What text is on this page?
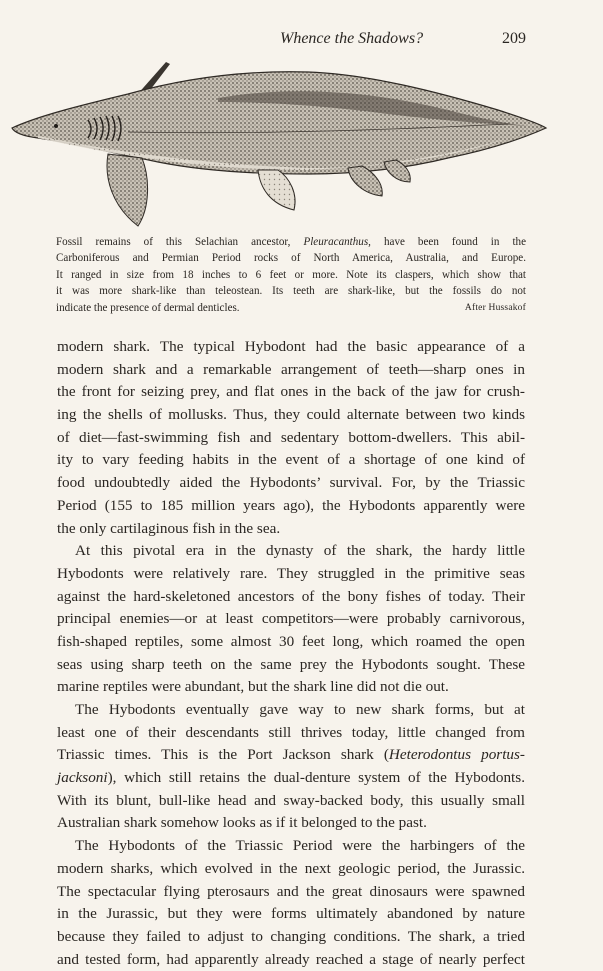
Whence the Shadows?	209
Fossil remains of this Selachian ancestor, Pleuracanthus, have been found in the
Carboniferous and Permian Period rocks of North America, Australia, and Europe.
It ranged in size from 18 inches to 6 feet or more. Note its claspers, which show that
it was more shark-like than teleostean. Its teeth are shark-like, but the fossils do not
indicate the presence of dermal denticles.	After Hussakof
modern shark. The typical Hybodont had the basic appearance of a
modern shark and a remarkable arrangement of teeth—sharp ones in
the front for seizing prey, and flat ones in the back of the jaw for crush-
ing the shells of mollusks. Thus, they could alternate between two kinds
of diet—fast-swimming fish and sedentary bottom-dwellers. This abil-
ity to vary feeding habits in the event of a shortage of one kind of
food undoubtedly aided the Hybodonts’ survival. For, by the Triassic
Period (155 to 185 million years ago), the Hybodonts apparently were
the only cartilaginous fish in the sea.
At this pivotal era in the dynasty of the shark, the hardy little
Hybodonts were relatively rare. They struggled in the primitive seas
against the hard-skeletoned ancestors of the bony fishes of today. Their
principal enemies—or at least competitors—were probably carnivorous,
fish-shaped reptiles, some almost 30 feet long, which roamed the open
seas using sharp teeth on the same prey the Hybodonts sought. These
marine reptiles were abundant, but the shark line did not die out.
The Hybodonts eventually gave way to new shark forms, but at
least one of their descendants still thrives today, little changed from
Triassic times. This is the Port Jackson shark (Heterodontus portus-
jacksoni), which still retains the dual-denture system of the Hybodonts.
With its blunt, bull-like head and sway-backed body, this usually small
Australian shark somehow looks as if it belonged to the past.
The Hybodonts of the Triassic Period were the harbingers of the
modern sharks, which evolved in the next geologic period, the Jurassic.
The spectacular flying pterosaurs and the great dinosaurs were spawned
in the Jurassic, but they were forms ultimately abandoned by nature
because they failed to adjust to changing conditions. The shark, a tried
and tested form, had apparently already reached a stage of nearly perfect
